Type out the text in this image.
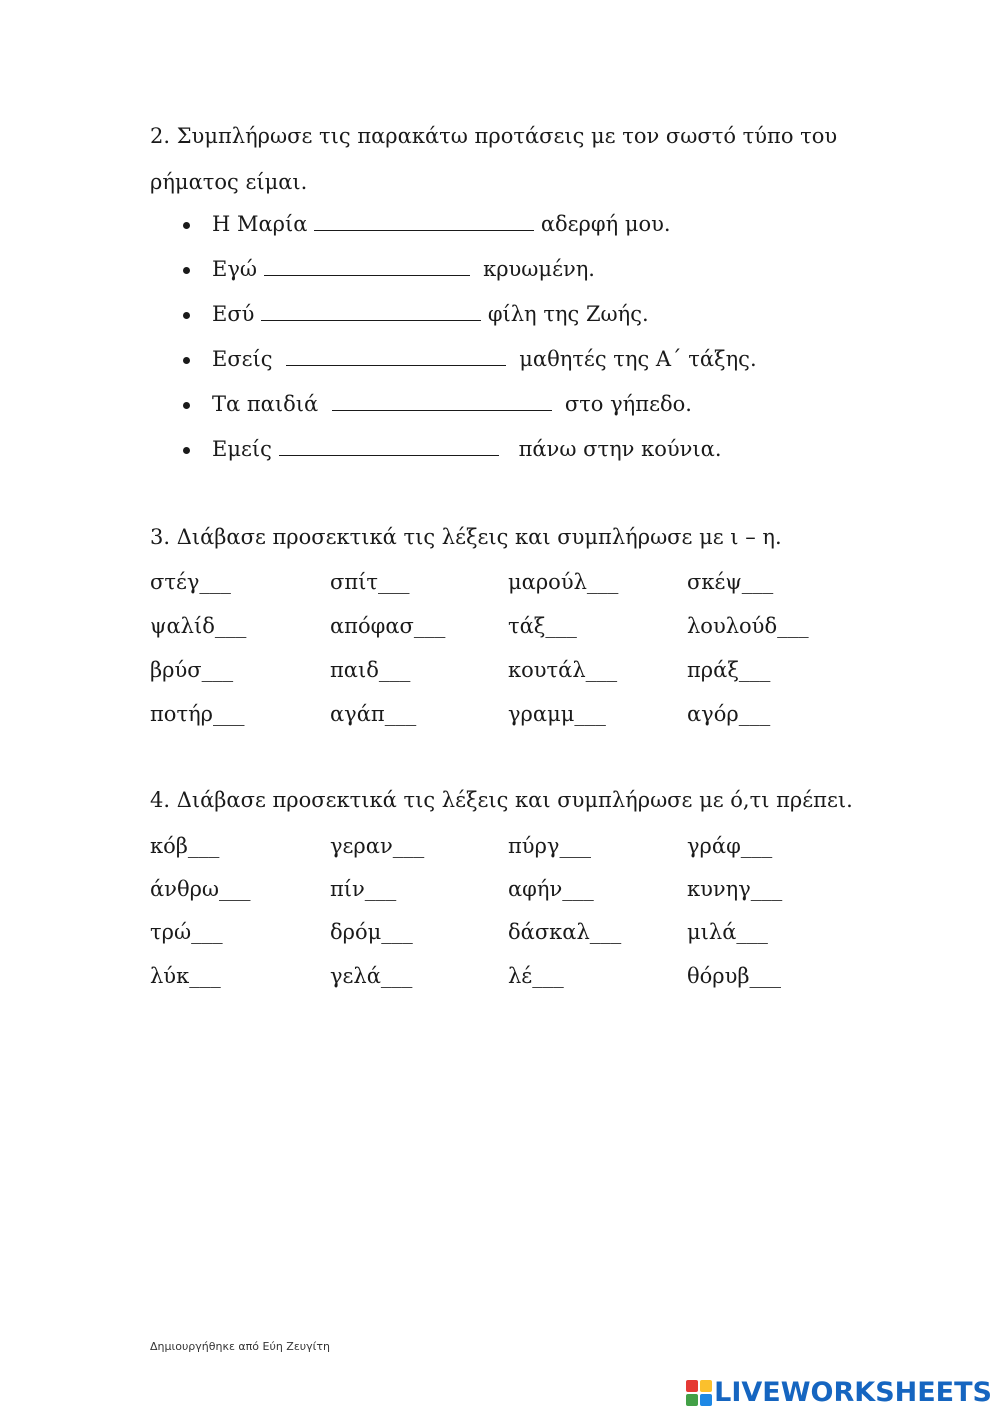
2. Συμπλήρωσε τις παρακάτω προτάσεις με τον σωστό τύπο του
ρήματος είμαι.
Η Μαρία	αδερφή μου.
Εγώ	κρυωμένη.
Εσύ	φίλη της Ζωής.
Εσείς	μαθητές της Α΄ τάξης.
Τα παιδιά	στο γήπεδο.
Εμείς	πάνω στην κούνια.
3. Διάβασε προσεκτικά τις λέξεις και συμπλήρωσε με ι – η.
στέγ___	σπίτ___	μαρούλ___	σκέψ___
ψαλίδ___	απόφασ___	τάξ___	λουλούδ___
βρύσ___	παιδ___	κουτάλ___	πράξ___
ποτήρ___	αγάπ___	γραμμ___	αγόρ___
4. Διάβασε προσεκτικά τις λέξεις και συμπλήρωσε με ό,τι πρέπει.
κόβ___	γεραν___	πύργ___	γράφ___
άνθρω___	πίν___	αφήν___	κυνηγ___
τρώ___	δρόμ___	δάσκαλ___	μιλά___
λύκ___	γελά___	λέ___	θόρυβ___
Δημιουργήθηκε από Εύη Ζευγίτη
LIVEWORKSHEETS
